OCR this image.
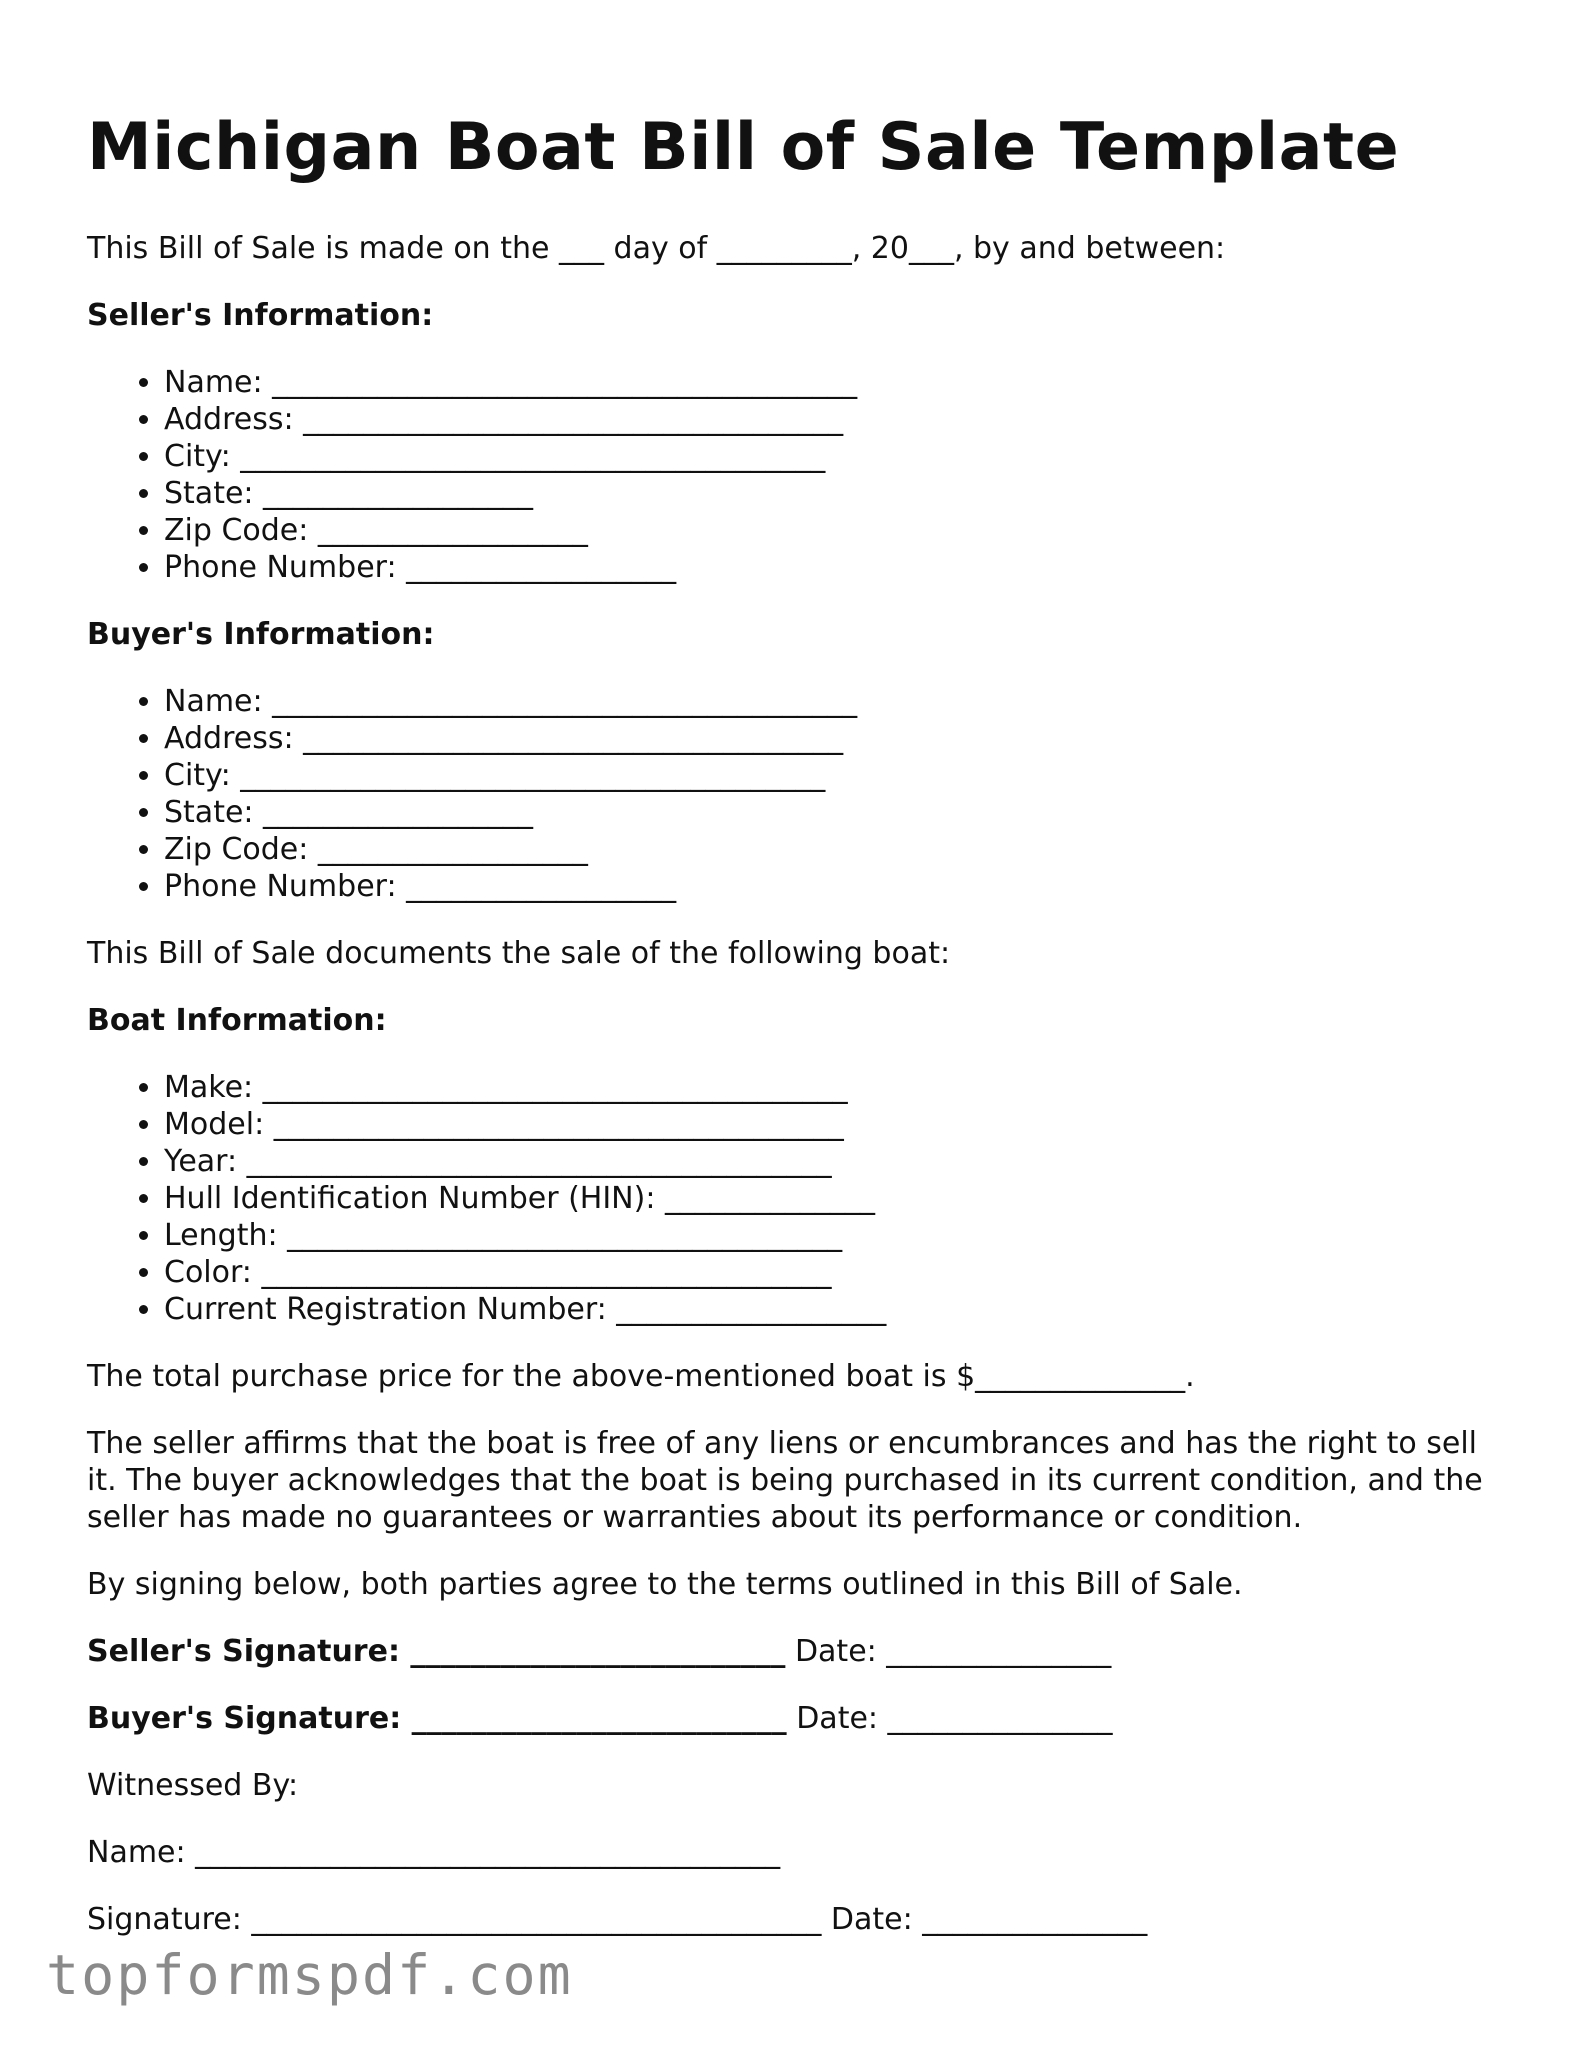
Michigan Boat Bill of Sale Template

This Bill of Sale is made on the ___ day of _________, 20___, by and between:

Seller's Information:

• Name: _______________________________________
• Address: ____________________________________
• City: _______________________________________
• State: __________________
• Zip Code: __________________
• Phone Number: __________________

Buyer's Information:

• Name: _______________________________________
• Address: ____________________________________
• City: _______________________________________
• State: __________________
• Zip Code: __________________
• Phone Number: __________________

This Bill of Sale documents the sale of the following boat:

Boat Information:

• Make: _______________________________________
• Model: ______________________________________
• Year: _______________________________________
• Hull Identification Number (HIN): ______________
• Length: _____________________________________
• Color: ______________________________________
• Current Registration Number: __________________

The total purchase price for the above-mentioned boat is $______________.

The seller affirms that the boat is free of any liens or encumbrances and has the right to sell it. The buyer acknowledges that the boat is being purchased in its current condition, and the seller has made no guarantees or warranties about its performance or condition.

By signing below, both parties agree to the terms outlined in this Bill of Sale.

Seller's Signature: _________________________ Date: _______________

Buyer's Signature: _________________________ Date: _______________

Witnessed By:

Name: _______________________________________

Signature: ______________________________________ Date: _______________

topformspdf.com
